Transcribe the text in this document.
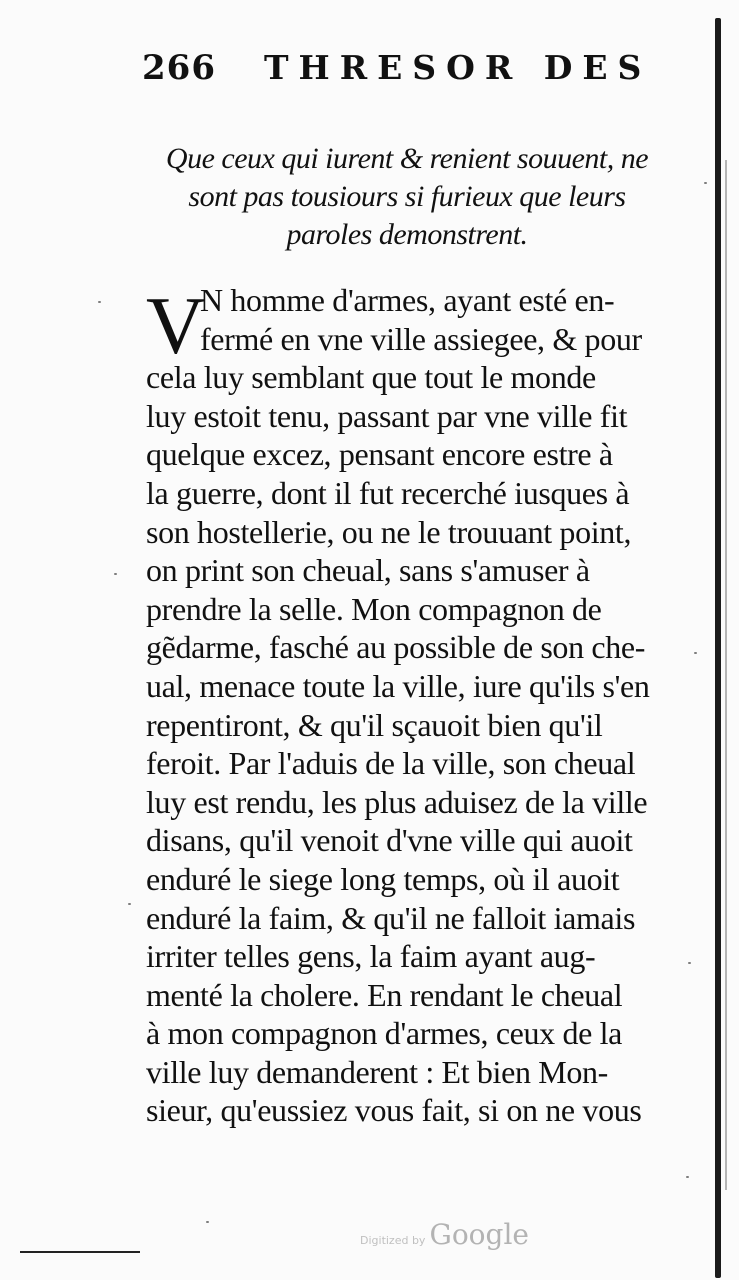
266 THRESOR DES
Que ceux qui iurent & renient souuent, ne
sont pas tousiours si furieux que leurs
paroles demonstrent.
V
N homme d'armes, ayant esté en-
fermé en vne ville assiegee, & pour
cela luy semblant que tout le monde
luy estoit tenu, passant par vne ville fit
quelque excez, pensant encore estre à
la guerre, dont il fut recerché iusques à
son hostellerie, ou ne le trouuant point,
on print son cheual, sans s'amuser à
prendre la selle. Mon compagnon de
gẽdarme, fasché au possible de son che-
ual, menace toute la ville, iure qu'ils s'en
repentiront, & qu'il sçauoit bien qu'il
feroit. Par l'aduis de la ville, son cheual
luy est rendu, les plus aduisez de la ville
disans, qu'il venoit d'vne ville qui auoit
enduré le siege long temps, où il auoit
enduré la faim, & qu'il ne falloit iamais
irriter telles gens, la faim ayant aug-
menté la cholere. En rendant le cheual
à mon compagnon d'armes, ceux de la
ville luy demanderent : Et bien Mon-
sieur, qu'eussiez vous fait, si on ne vous
Digitized by Google
